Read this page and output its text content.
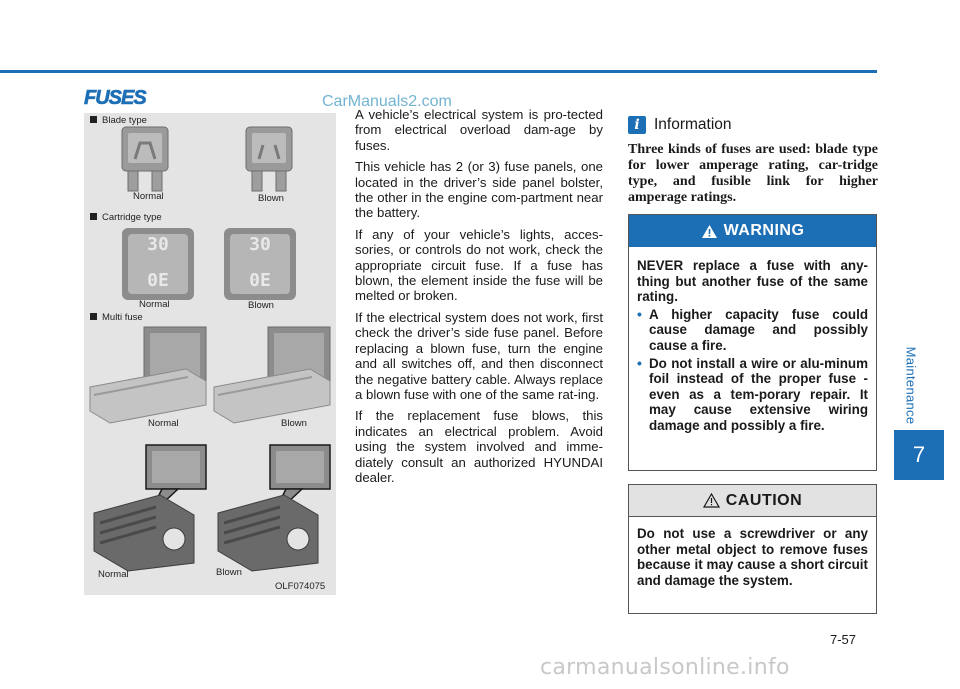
FUSES	CarManuals2.com
Maintenance
7
Blade type
Normal	Blown
Cartridge type
30
0E
Normal
30
0E
Blown
Multi fuse
Normal	Blown
Normal	Blown
OLF074075

A vehicle’s electrical system is pro-tected from electrical overload dam-age by fuses.

This vehicle has 2 (or 3) fuse panels, one located in the driver’s side panel bolster, the other in the engine com-partment near the battery.

If any of your vehicle’s lights, acces-sories, or controls do not work, check the appropriate circuit fuse. If a fuse has blown, the element inside the fuse will be melted or broken.

If the electrical system does not work, first check the driver’s side fuse panel. Before replacing a blown fuse, turn the engine and all switches off, and then disconnect the negative battery cable. Always replace a blown fuse with one of the same rat-ing.

If the replacement fuse blows, this indicates an electrical problem. Avoid using the system involved and imme-diately consult an authorized HYUNDAI dealer.

i Information
Three kinds of fuses are used: blade type for lower amperage rating, car-tridge type, and fusible link for higher amperage ratings.
WARNING
NEVER replace a fuse with any-thing but another fuse of the same rating.
• A higher capacity fuse could cause damage and possibly cause a fire.
• Do not install a wire or alu-minum foil instead of the proper fuse - even as a tem-porary repair. It may cause extensive wiring damage and possibly a fire.
CAUTION
Do not use a screwdriver or any other metal object to remove fuses because it may cause a short circuit and damage the system.
7-57
carmanualsonline.info
